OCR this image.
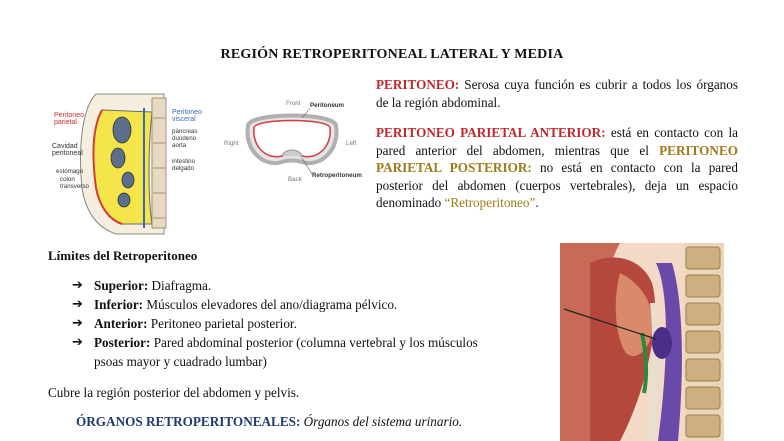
REGIÓN RETROPERITONEAL LATERAL Y MEDIA
Peritoneo
parietal
Peritoneo
visceral
Cavidad
peritoneal
estómago
colon
transverso
páncreas
duodeno
aorta
intestino
delgado
Front
Back
Right	Left
Peritoneum
Retroperitoneum
PERITONEO: Serosa cuya función es cubrir a todos los órganos de la región abdominal.
PERITONEO PARIETAL ANTERIOR: está en contacto con la pared anterior del abdomen, mientras que el PERITONEO PARIETAL POSTERIOR: no está en contacto con la pared posterior del abdomen (cuerpos vertebrales), deja un espacio denominado “Retroperitoneo”.
Límites del Retroperitoneo
➔ Superior: Diafragma.
➔ Inferior: Músculos elevadores del ano/diagrama pélvico.
➔ Anterior: Peritoneo parietal posterior.
➔ Posterior: Pared abdominal posterior (columna vertebral y los músculos
psoas mayor y cuadrado lumbar)
Cubre la región posterior del abdomen y pelvis.
ÓRGANOS RETROPERITONEALES: Órganos del sistema urinario.
